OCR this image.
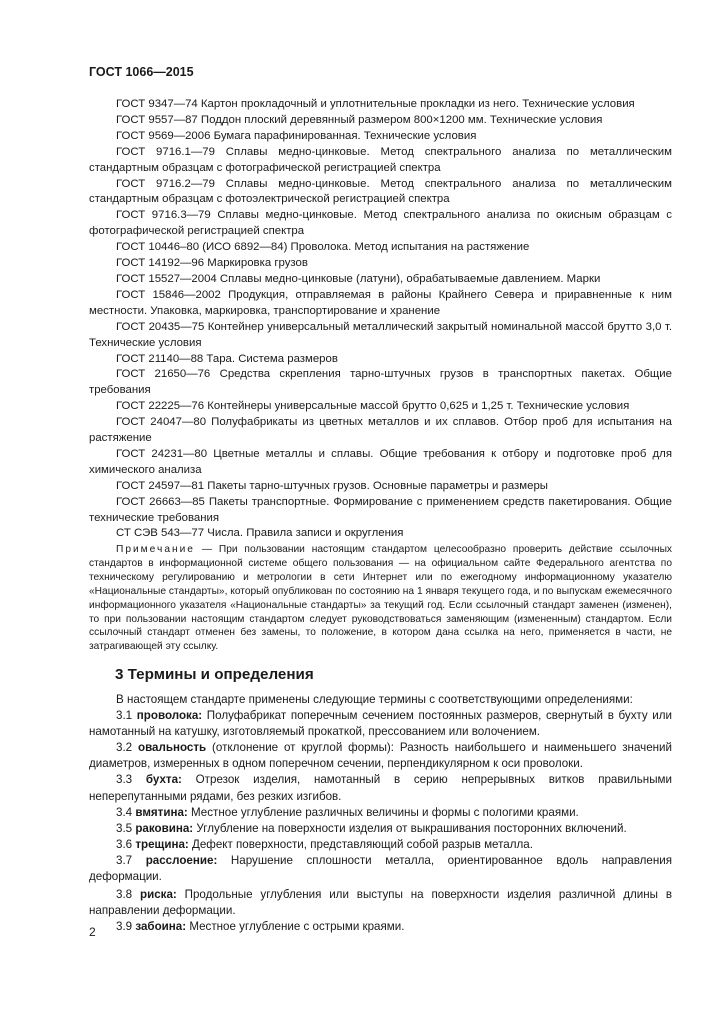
ГОСТ 1066—2015

ГОСТ 9347—74 Картон прокладочный и уплотнительные прокладки из него. Технические условия

ГОСТ 9557—87 Поддон плоский деревянный размером 800×1200 мм. Технические условия

ГОСТ 9569—2006 Бумага парафинированная. Технические условия

ГОСТ 9716.1—79 Сплавы медно-цинковые. Метод спектрального анализа по металлическим стандартным образцам с фотографической регистрацией спектра

ГОСТ 9716.2—79 Сплавы медно-цинковые. Метод спектрального анализа по металлическим стандартным образцам с фотоэлектрической регистрацией спектра

ГОСТ 9716.3—79 Сплавы медно-цинковые. Метод спектрального анализа по окисным образцам с фотографической регистрацией спектра

ГОСТ 10446–80 (ИСО 6892—84) Проволока. Метод испытания на растяжение

ГОСТ 14192—96 Маркировка грузов

ГОСТ 15527—2004 Сплавы медно-цинковые (латуни), обрабатываемые давлением. Марки

ГОСТ 15846—2002 Продукция, отправляемая в районы Крайнего Севера и приравненные к ним местности. Упаковка, маркировка, транспортирование и хранение

ГОСТ 20435—75 Контейнер универсальный металлический закрытый номинальной массой брутто 3,0 т. Технические условия

ГОСТ 21140—88 Тара. Система размеров

ГОСТ 21650—76 Средства скрепления тарно-штучных грузов в транспортных пакетах. Общие требования

ГОСТ 22225—76 Контейнеры универсальные массой брутто 0,625 и 1,25 т. Технические условия

ГОСТ 24047—80 Полуфабрикаты из цветных металлов и их сплавов. Отбор проб для испытания на растяжение

ГОСТ 24231—80 Цветные металлы и сплавы. Общие требования к отбору и подготовке проб для химического анализа

ГОСТ 24597—81 Пакеты тарно-штучных грузов. Основные параметры и размеры

ГОСТ 26663—85 Пакеты транспортные. Формирование с применением средств пакетирования. Общие технические требования

СТ СЭВ 543—77 Числа. Правила записи и округления

Примечание — При пользовании настоящим стандартом целесообразно проверить действие ссылочных стандартов в информационной системе общего пользования — на официальном сайте Федерального агентства по техническому регулированию и метрологии в сети Интернет или по ежегодному информационному указателю «Национальные стандарты», который опубликован по состоянию на 1 января текущего года, и по выпускам ежемесячного информационного указателя «Национальные стандарты» за текущий год. Если ссылочный стандарт заменен (изменен), то при пользовании настоящим стандартом следует руководствоваться заменяющим (измененным) стандартом. Если ссылочный стандарт отменен без замены, то положение, в котором дана ссылка на него, применяется в части, не затрагивающей эту ссылку.

3 Термины и определения

В настоящем стандарте применены следующие термины с соответствующими определениями:

3.1 проволока: Полуфабрикат поперечным сечением постоянных размеров, свернутый в бухту или намотанный на катушку, изготовляемый прокаткой, прессованием или волочением.

3.2 овальность (отклонение от круглой формы): Разность наибольшего и наименьшего значений диаметров, измеренных в одном поперечном сечении, перпендикулярном к оси проволоки.

3.3 бухта: Отрезок изделия, намотанный в серию непрерывных витков правильными неперепутанными рядами, без резких изгибов.

3.4 вмятина: Местное углубление различных величины и формы с пологими краями.

3.5 раковина: Углубление на поверхности изделия от выкрашивания посторонних включений.

3.6 трещина: Дефект поверхности, представляющий собой разрыв металла.

3.7 расслоение: Нарушение сплошности металла, ориентированное вдоль направления деформации.

3.8 риска: Продольные углубления или выступы на поверхности изделия различной длины в направлении деформации.

3.9 забоина: Местное углубление с острыми краями.

2
